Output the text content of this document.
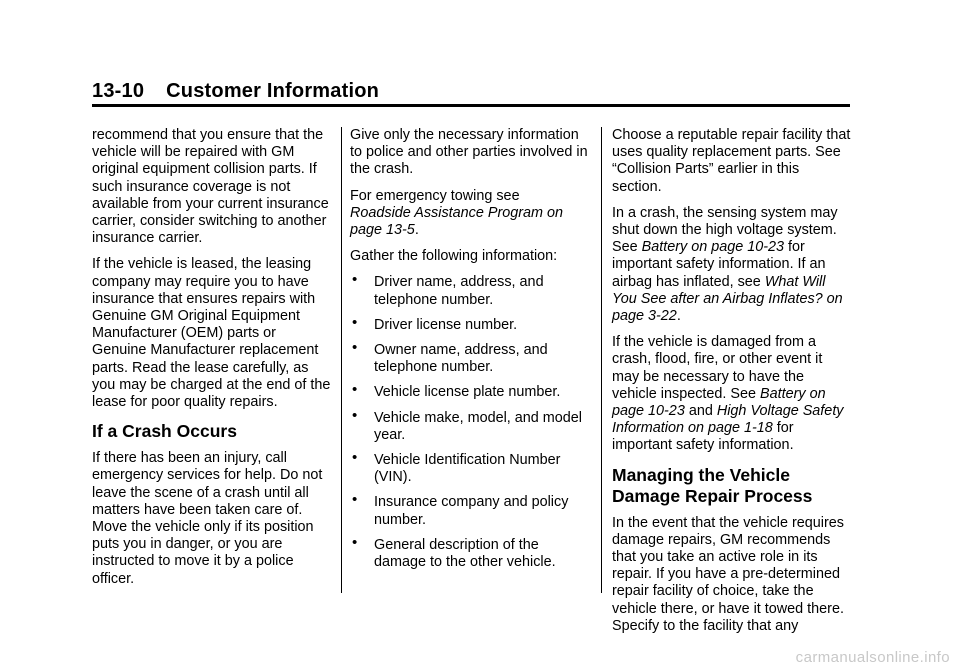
13-10 Customer Information

recommend that you ensure that the vehicle will be repaired with GM original equipment collision parts. If such insurance coverage is not available from your current insurance carrier, consider switching to another insurance carrier.

If the vehicle is leased, the leasing company may require you to have insurance that ensures repairs with Genuine GM Original Equipment Manufacturer (OEM) parts or Genuine Manufacturer replacement parts. Read the lease carefully, as you may be charged at the end of the lease for poor quality repairs.

If a Crash Occurs

If there has been an injury, call emergency services for help. Do not leave the scene of a crash until all matters have been taken care of. Move the vehicle only if its position puts you in danger, or you are instructed to move it by a police officer.

Give only the necessary information to police and other parties involved in the crash.

For emergency towing see
Roadside Assistance Program on page 13-5.

Gather the following information:

• Driver name, address, and telephone number.
• Driver license number.
• Owner name, address, and telephone number.
• Vehicle license plate number.
• Vehicle make, model, and model year.
• Vehicle Identification Number (VIN).
• Insurance company and policy number.
• General description of the damage to the other vehicle.

Choose a reputable repair facility that uses quality replacement parts. See “Collision Parts” earlier in this section.

In a crash, the sensing system may shut down the high voltage system. See Battery on page 10-23 for important safety information. If an airbag has inflated, see What Will You See after an Airbag Inflates? on page 3-22.

If the vehicle is damaged from a crash, flood, fire, or other event it may be necessary to have the vehicle inspected. See Battery on page 10-23 and High Voltage Safety Information on page 1-18 for important safety information.

Managing the Vehicle Damage Repair Process

In the event that the vehicle requires damage repairs, GM recommends that you take an active role in its repair. If you have a pre-determined repair facility of choice, take the vehicle there, or have it towed there. Specify to the facility that any

carmanualsonline.info
